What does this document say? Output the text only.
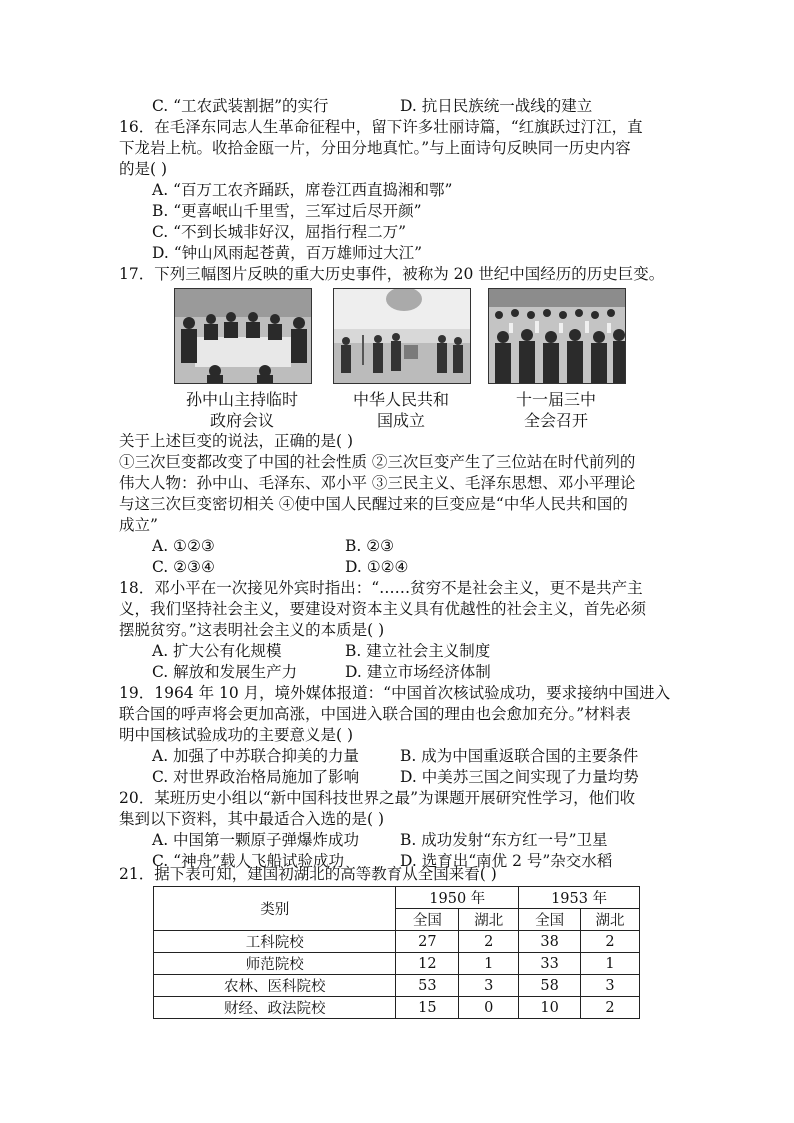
C. “工农武装割据”的实行	D. 抗日民族统一战线的建立
16．在毛泽东同志人生革命征程中，留下许多壮丽诗篇，“红旗跃过汀江，直
下龙岩上杭。收拾金瓯一片，分田分地真忙。”与上面诗句反映同一历史内容
的是( )
A. “百万工农齐踊跃，席卷江西直捣湘和鄂”
B. “更喜岷山千里雪，三军过后尽开颜”
C. “不到长城非好汉，屈指行程二万”
D. “钟山风雨起苍黄，百万雄师过大江”
17．下列三幅图片反映的重大历史事件，被称为 20 世纪中国经历的历史巨变。
孙中山主持临时
政府会议
中华人民共和
国成立
十一届三中
全会召开
关于上述巨变的说法，正确的是( )
①三次巨变都改变了中国的社会性质 ②三次巨变产生了三位站在时代前列的
伟大人物：孙中山、毛泽东、邓小平 ③三民主义、毛泽东思想、邓小平理论
与这三次巨变密切相关 ④使中国人民醒过来的巨变应是“中华人民共和国的
成立”
A. ①②③	B. ②③
C. ②③④	D. ①②④
18．邓小平在一次接见外宾时指出：“……贫穷不是社会主义，更不是共产主
义，我们坚持社会主义，要建设对资本主义具有优越性的社会主义，首先必须
摆脱贫穷。”这表明社会主义的本质是( )
A. 扩大公有化规模	B. 建立社会主义制度
C. 解放和发展生产力	D. 建立市场经济体制
19．1964 年 10 月，境外媒体报道：“中国首次核试验成功，要求接纳中国进入
联合国的呼声将会更加高涨，中国进入联合国的理由也会愈加充分。”材料表
明中国核试验成功的主要意义是( )
A. 加强了中苏联合抑美的力量	B. 成为中国重返联合国的主要条件
C. 对世界政治格局施加了影响	D. 中美苏三国之间实现了力量均势
20．某班历史小组以“新中国科技世界之最”为课题开展研究性学习，他们收
集到以下资料，其中最适合入选的是( )
A. 中国第一颗原子弹爆炸成功	B. 成功发射“东方红一号”卫星
C. “神舟”载人飞船试验成功	D. 选育出“南优 2 号”杂交水稻
21．据下表可知，建国初湖北的高等教育从全国来看( )
类别	1950 年		1953 年	
	全国	湖北	全国	湖北
工科院校	27	2	38	2
师范院校	12	1	33	1
农林、医科院校	53	3	58	3
财经、政法院校	15	0	10	2
